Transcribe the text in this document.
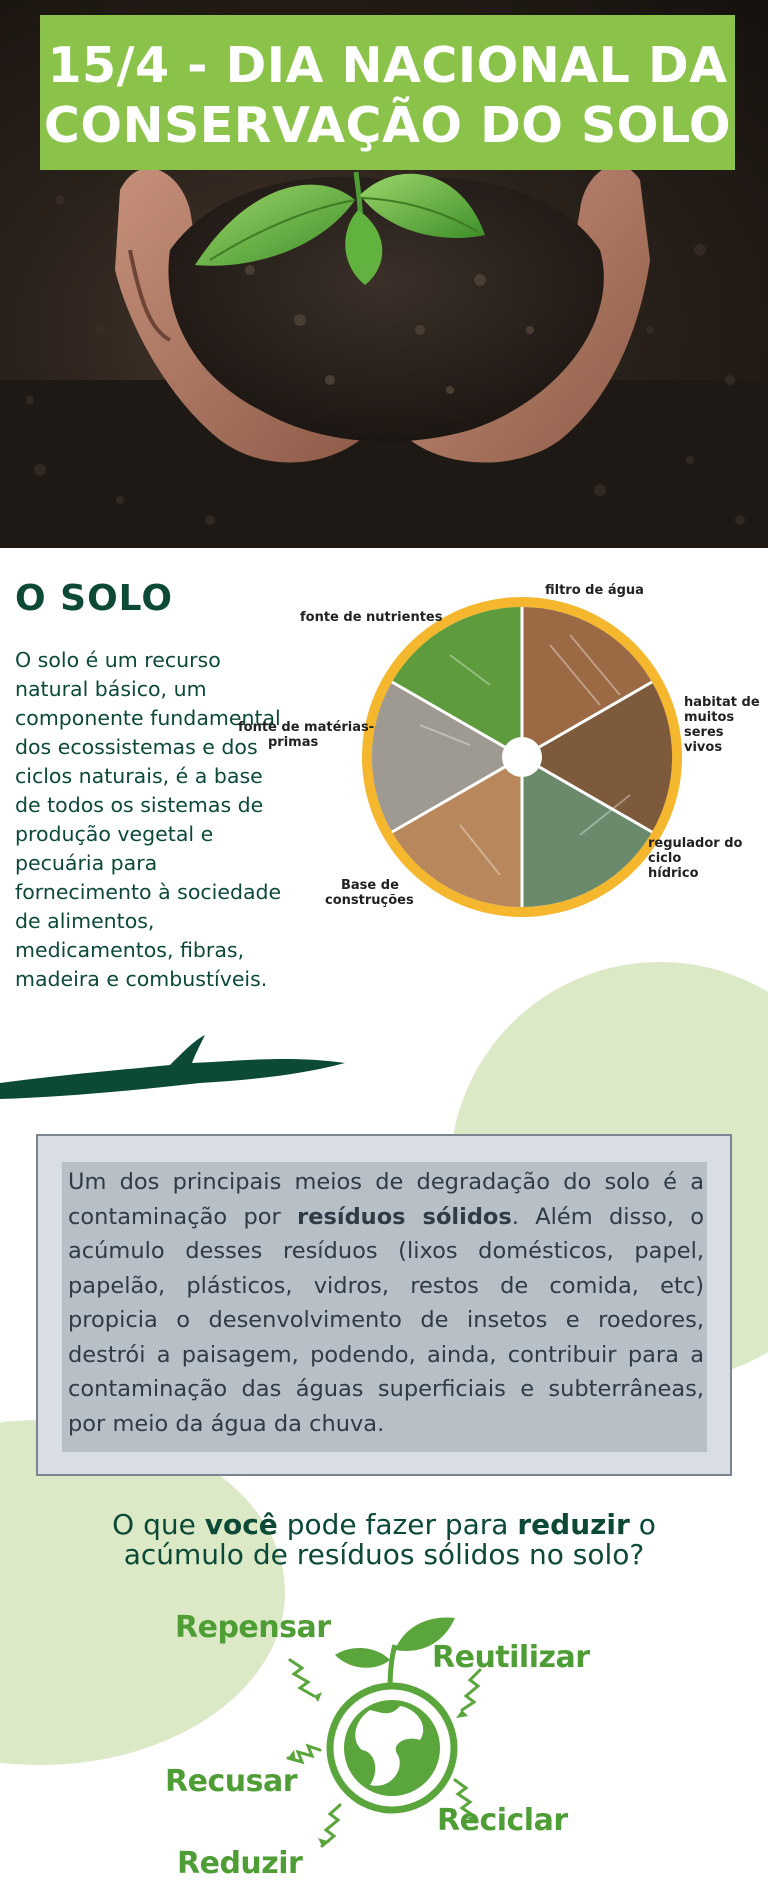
15/4 - DIA NACIONAL DA
CONSERVAÇÃO DO SOLO
O SOLO
O solo é um recurso natural básico, um componente fundamental dos ecossistemas e dos ciclos naturais, é a base de todos os sistemas de produção vegetal e pecuária para fornecimento à sociedade de alimentos, medicamentos, fibras, madeira e combustíveis.
filtro de água
fonte de nutrientes
fonte de matérias-
primas
habitat de
muitos seres
vivos
regulador do ciclo
hídrico
Base de
construções
Um dos principais meios de degradação do solo é a contaminação por resíduos sólidos. Além disso, o acúmulo desses resíduos (lixos domésticos, papel, papelão, plásticos, vidros, restos de comida, etc) propicia o desenvolvimento de insetos e roedores, destrói a paisagem, podendo, ainda, contribuir para a contaminação das águas superficiais e subterrâneas, por meio da água da chuva.
O que você pode fazer para reduzir o
acúmulo de resíduos sólidos no solo?
Repensar
Reutilizar
Recusar
Reciclar
Reduzir
